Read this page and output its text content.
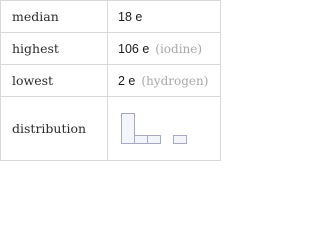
median	18 e
highest	106 e (iodine)
lowest	2 e (hydrogen)
distribution	
